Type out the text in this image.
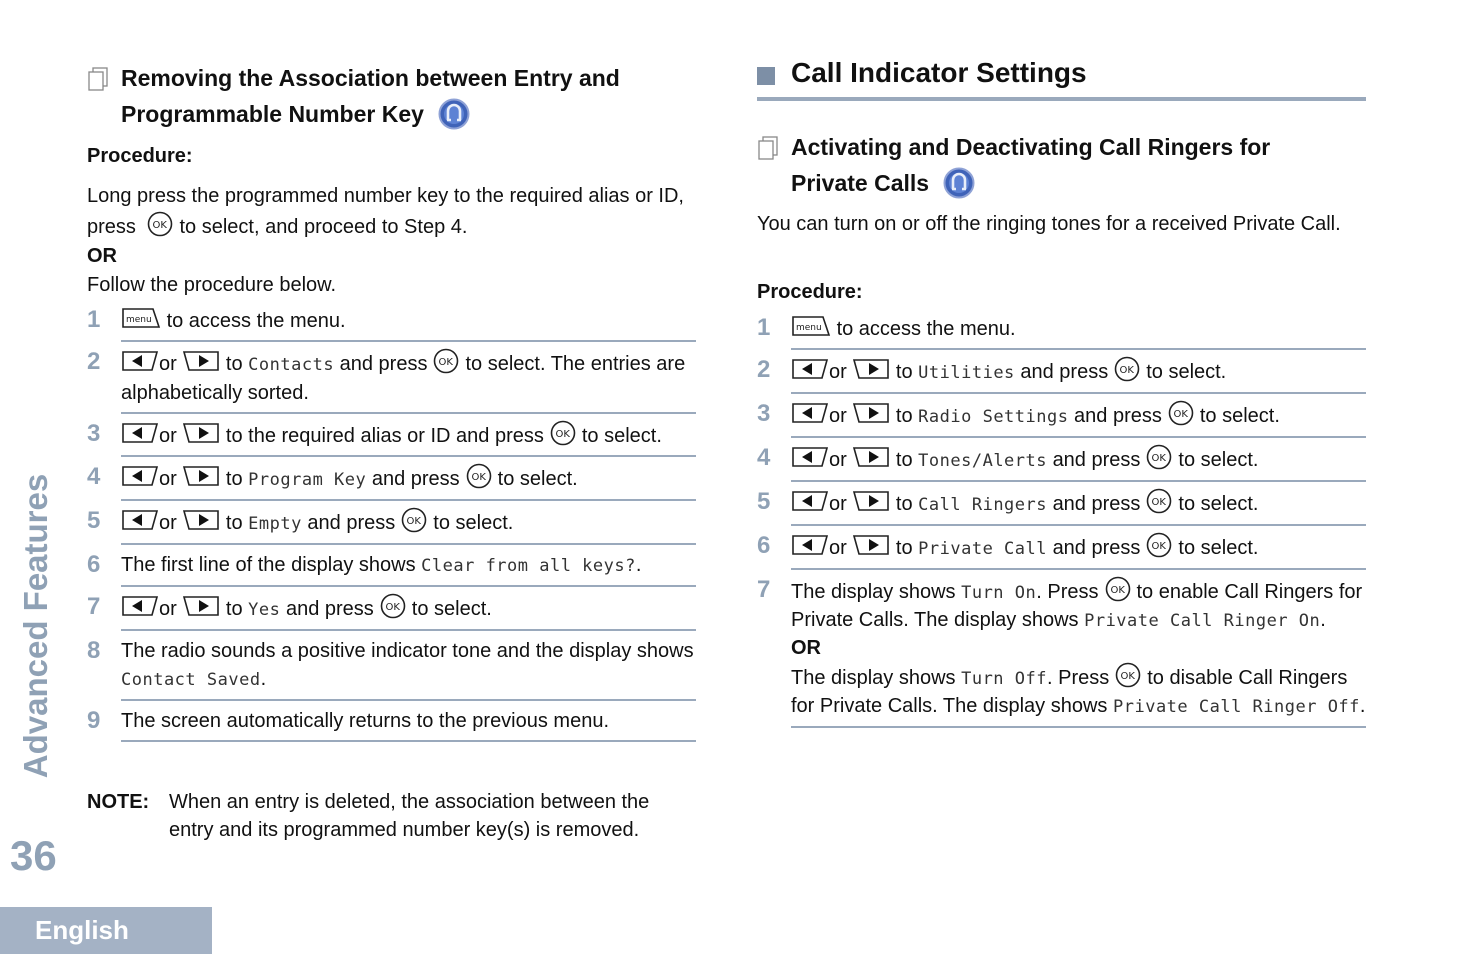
Advanced Features
36
English
Removing the Association between Entry and
Programmable Number Key
Procedure:
Long press the programmed number key to the required alias or ID, press to select, and proceed to Step 4.
OR
Follow the procedure below.
1	to access the menu.
2	or to Contacts and press to select. The entries are alphabetically sorted.
3	or to the required alias or ID and press to select.
4	or to Program Key and press to select.
5	or to Empty and press to select.
6 The first line of the display shows Clear from all keys?.
7	or to Yes and press to select.
8 The radio sounds a positive indicator tone and the display shows Contact Saved.
9 The screen automatically returns to the previous menu.
NOTE: When an entry is deleted, the association between the entry and its programmed number key(s) is removed.
Call Indicator Settings
Activating and Deactivating Call Ringers for
Private Calls
You can turn on or off the ringing tones for a received Private Call.
Procedure:
1	to access the menu.
2	or to Utilities and press to select.
3	or to Radio Settings and press to select.
4	or to Tones/Alerts and press to select.
5	or to Call Ringers and press to select.
6	or to Private Call and press to select.
7 The display shows Turn On. Press to enable Call Ringers for Private Calls. The display shows Private Call Ringer On.
OR
The display shows Turn Off. Press to disable Call Ringers for Private Calls. The display shows Private Call Ringer Off.
